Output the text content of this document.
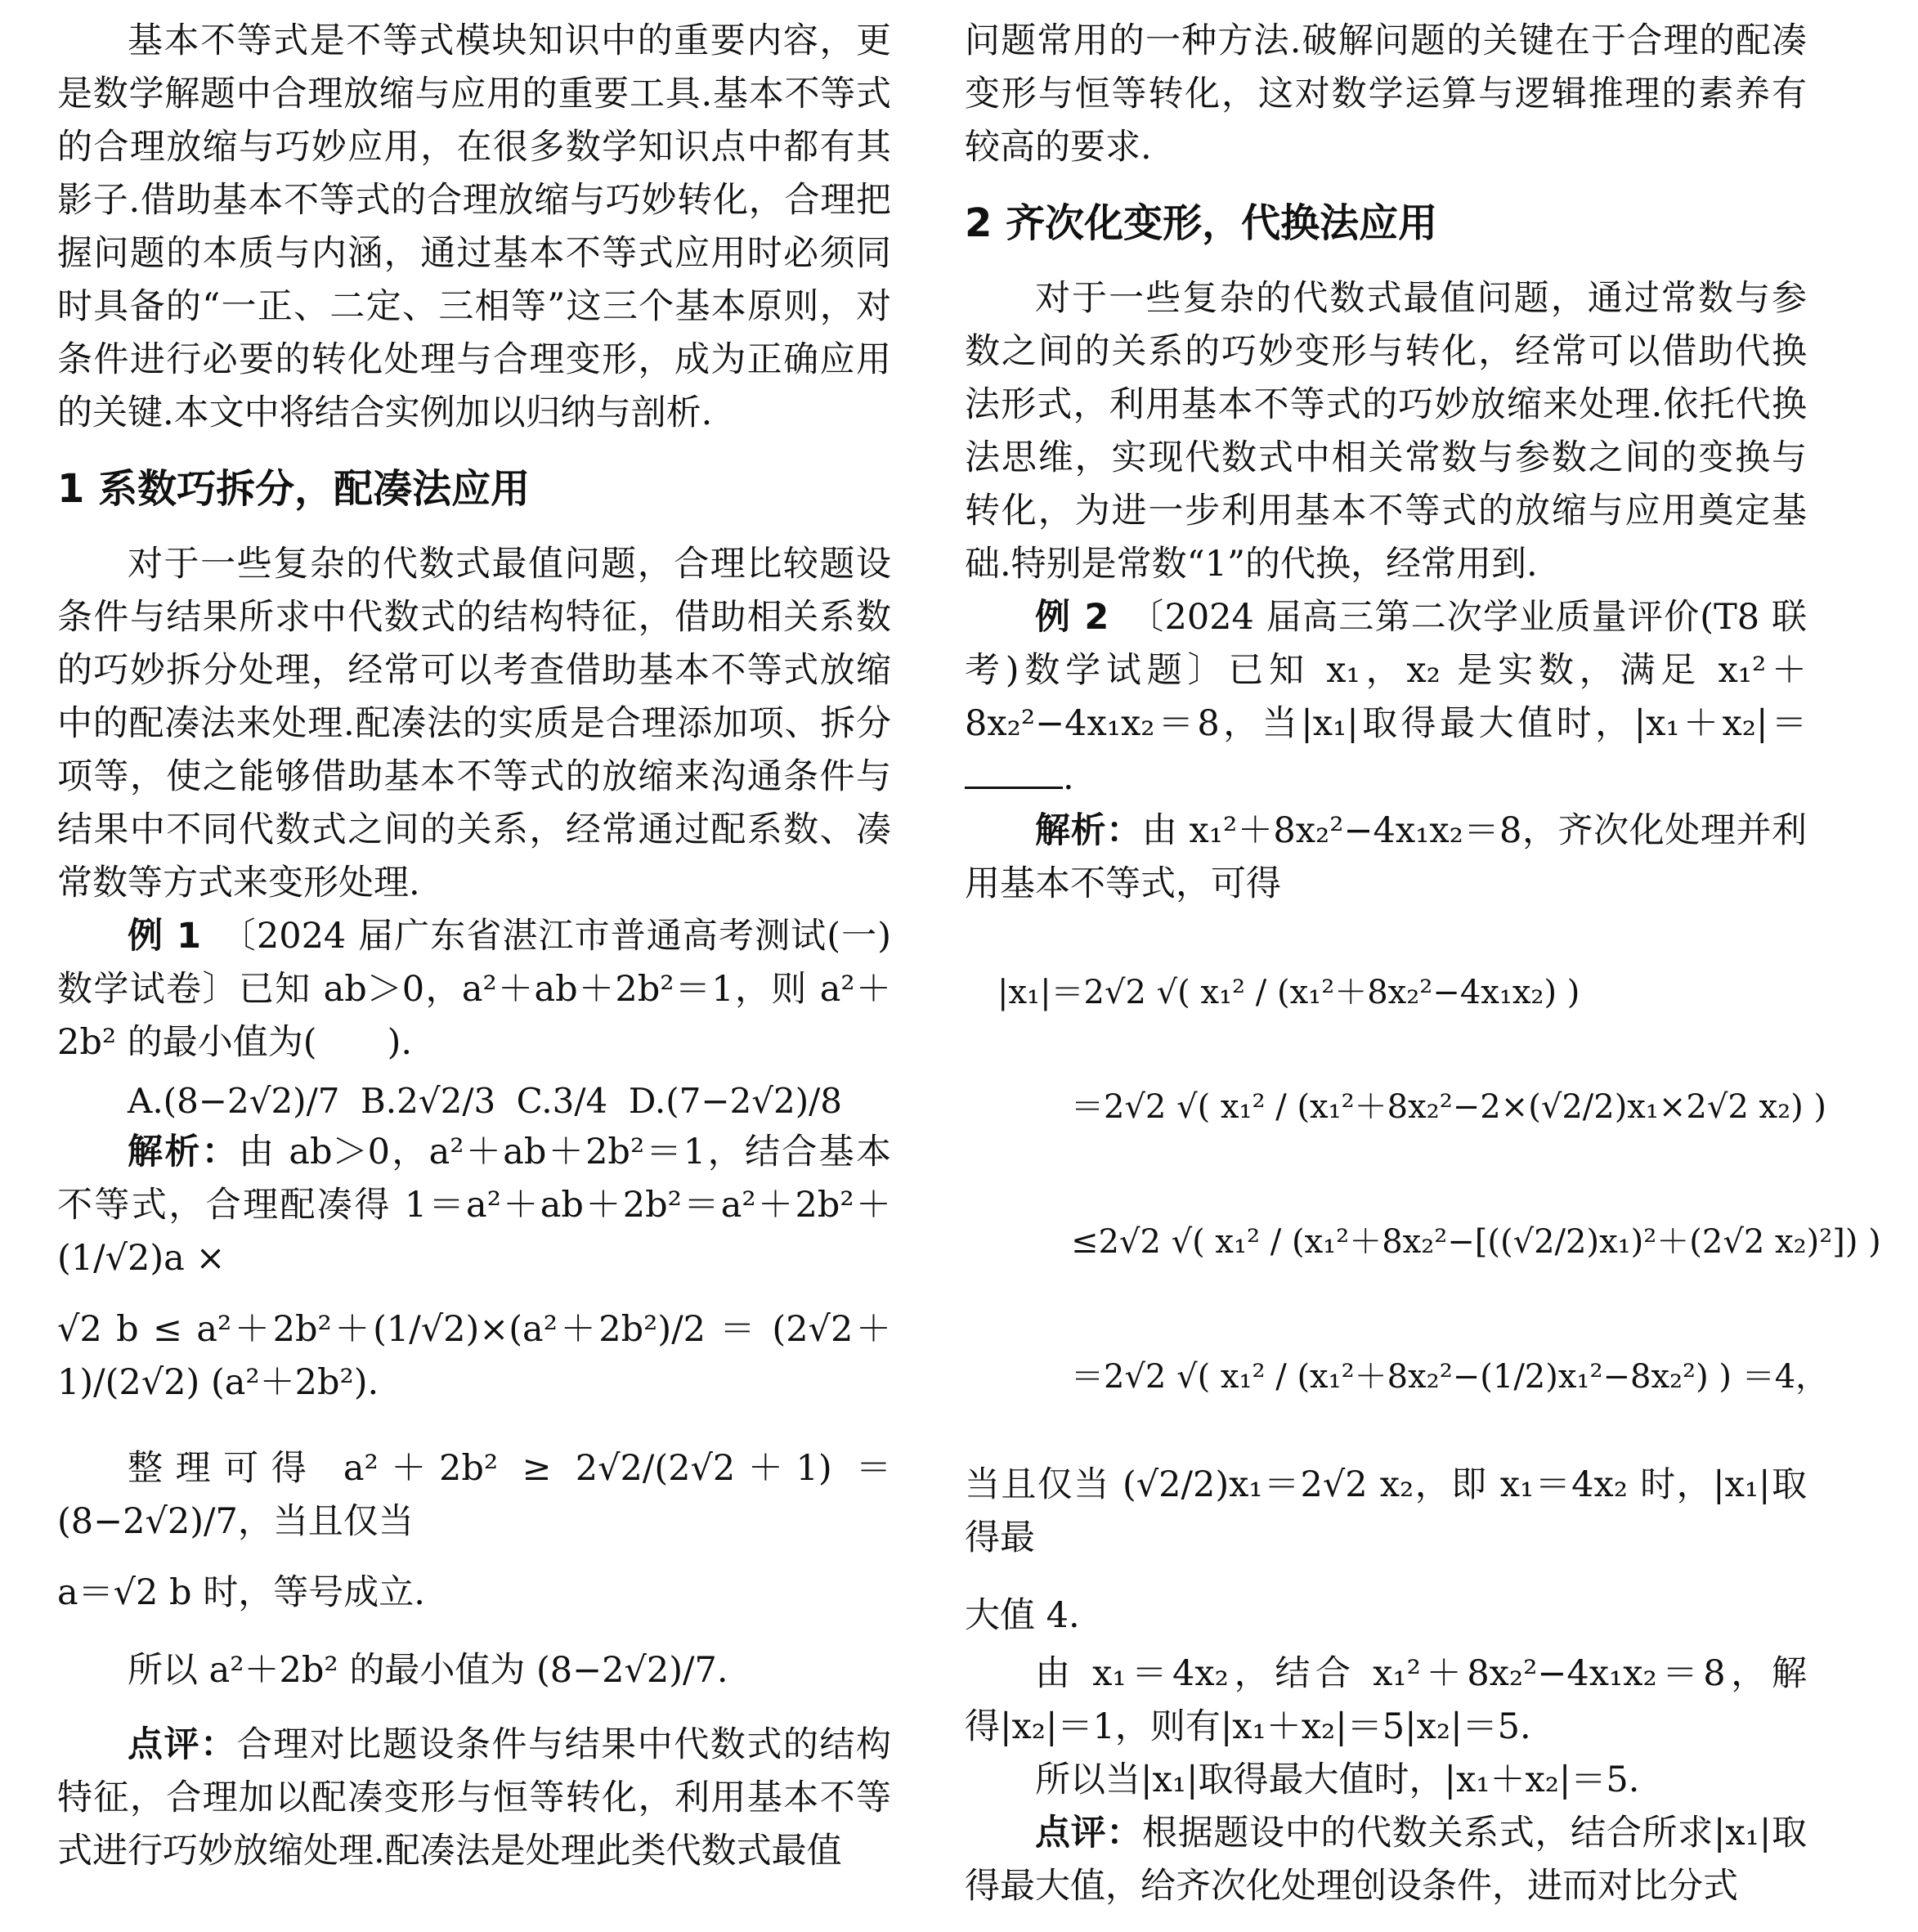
基本不等式是不等式模块知识中的重要内容，更是数学解题中合理放缩与应用的重要工具.基本不等式的合理放缩与巧妙应用，在很多数学知识点中都有其影子.借助基本不等式的合理放缩与巧妙转化，合理把握问题的本质与内涵，通过基本不等式应用时必须同时具备的“一正、二定、三相等”这三个基本原则，对条件进行必要的转化处理与合理变形，成为正确应用的关键.本文中将结合实例加以归纳与剖析.

1 系数巧拆分，配凑法应用

对于一些复杂的代数式最值问题，合理比较题设条件与结果所求中代数式的结构特征，借助相关系数的巧妙拆分处理，经常可以考查借助基本不等式放缩中的配凑法来处理.配凑法的实质是合理添加项、拆分项等，使之能够借助基本不等式的放缩来沟通条件与结果中不同代数式之间的关系，经常通过配系数、凑常数等方式来变形处理.

例 1　 〔2024 届广东省湛江市普通高考测试(一)数学试卷〕已知 ab＞0，a²＋ab＋2b²＝1，则 a²＋2b² 的最小值为(　　).

A.(8−2√2)/7 B.2√2/3 C.3/4 D.(7−2√2)/8

解析：由 ab＞0，a²＋ab＋2b²＝1，结合基本不等式，合理配凑得 1＝a²＋ab＋2b²＝a²＋2b²＋(1/√2)a ×

√2 b ≤ a²＋2b²＋(1/√2)×(a²＋2b²)/2 ＝ (2√2＋1)/(2√2) (a²＋2b²).

整理可得 a²＋2b² ≥ 2√2/(2√2＋1) ＝ (8−2√2)/7，当且仅当

a＝√2 b 时，等号成立.

所以 a²＋2b² 的最小值为 (8−2√2)/7.

点评：合理对比题设条件与结果中代数式的结构特征，合理加以配凑变形与恒等转化，利用基本不等式进行巧妙放缩处理.配凑法是处理此类代数式最值

问题常用的一种方法.破解问题的关键在于合理的配凑变形与恒等转化，这对数学运算与逻辑推理的素养有较高的要求.

2 齐次化变形，代换法应用

对于一些复杂的代数式最值问题，通过常数与参数之间的关系的巧妙变形与转化，经常可以借助代换法形式，利用基本不等式的巧妙放缩来处理.依托代换法思维，实现代数式中相关常数与参数之间的变换与转化，为进一步利用基本不等式的放缩与应用奠定基础.特别是常数“1”的代换，经常用到.

例 2　 〔2024 届高三第二次学业质量评价(T8 联考)数学试题〕已知 x₁，x₂ 是实数，满足 x₁²＋8x₂²−4x₁x₂＝8，当|x₁|取得最大值时，|x₁＋x₂|＝.

解析：由 x₁²＋8x₂²−4x₁x₂＝8，齐次化处理并利用基本不等式，可得

|x₁|＝2√2 √( x₁² / (x₁²＋8x₂²−4x₁x₂) )
＝2√2 √( x₁² / (x₁²＋8x₂²−2×(√2/2)x₁×2√2 x₂) )
≤2√2 √( x₁² / (x₁²＋8x₂²−[((√2/2)x₁)²＋(2√2 x₂)²]) )
＝2√2 √( x₁² / (x₁²＋8x₂²−(1/2)x₁²−8x₂²) ) ＝4，

当且仅当 (√2/2)x₁＝2√2 x₂，即 x₁＝4x₂ 时，|x₁|取得最

大值 4.

由 x₁＝4x₂，结合 x₁²＋8x₂²−4x₁x₂＝8，解得|x₂|＝1，则有|x₁＋x₂|＝5|x₂|＝5.

所以当|x₁|取得最大值时，|x₁＋x₂|＝5.

点评：根据题设中的代数关系式，结合所求|x₁|取得最大值，给齐次化处理创设条件，进而对比分式
